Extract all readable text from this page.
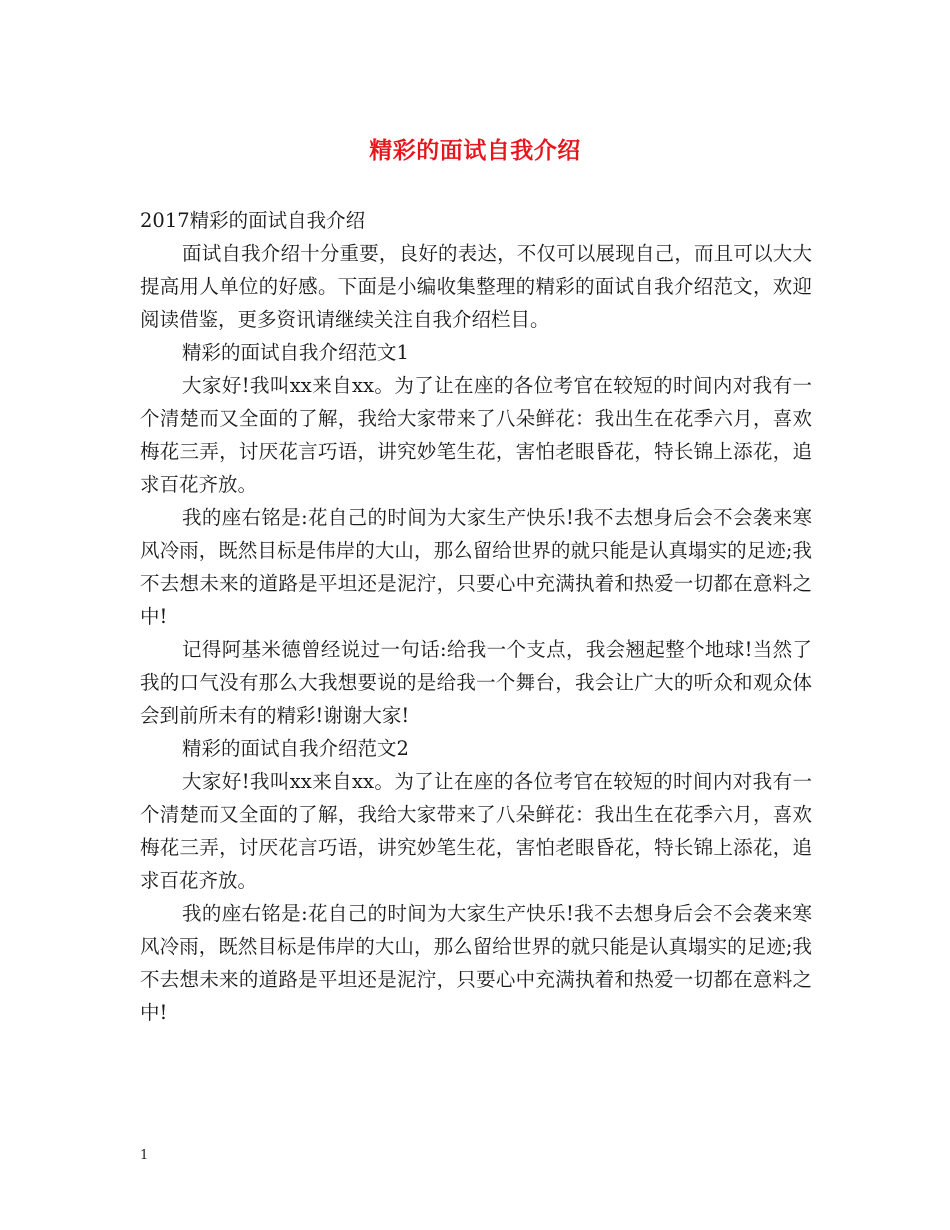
精彩的面试自我介绍

2017精彩的面试自我介绍

面试自我介绍十分重要，良好的表达，不仅可以展现自己，而且可以大大提高用人单位的好感。下面是小编收集整理的精彩的面试自我介绍范文，欢迎阅读借鉴，更多资讯请继续关注自我介绍栏目。

精彩的面试自我介绍范文1

大家好!我叫xx来自xx。为了让在座的各位考官在较短的时间内对我有一个清楚而又全面的了解，我给大家带来了八朵鲜花：我出生在花季六月，喜欢梅花三弄，讨厌花言巧语，讲究妙笔生花，害怕老眼昏花，特长锦上添花，追求百花齐放。

我的座右铭是:花自己的时间为大家生产快乐!我不去想身后会不会袭来寒风冷雨，既然目标是伟岸的大山，那么留给世界的就只能是认真塌实的足迹;我不去想未来的道路是平坦还是泥泞，只要心中充满执着和热爱一切都在意料之中!

记得阿基米德曾经说过一句话:给我一个支点，我会翘起整个地球!当然了我的口气没有那么大我想要说的是给我一个舞台，我会让广大的听众和观众体会到前所未有的精彩!谢谢大家!

精彩的面试自我介绍范文2

大家好!我叫xx来自xx。为了让在座的各位考官在较短的时间内对我有一个清楚而又全面的了解，我给大家带来了八朵鲜花：我出生在花季六月，喜欢梅花三弄，讨厌花言巧语，讲究妙笔生花，害怕老眼昏花，特长锦上添花，追求百花齐放。

我的座右铭是:花自己的时间为大家生产快乐!我不去想身后会不会袭来寒风冷雨，既然目标是伟岸的大山，那么留给世界的就只能是认真塌实的足迹;我不去想未来的道路是平坦还是泥泞，只要心中充满执着和热爱一切都在意料之中!

1
